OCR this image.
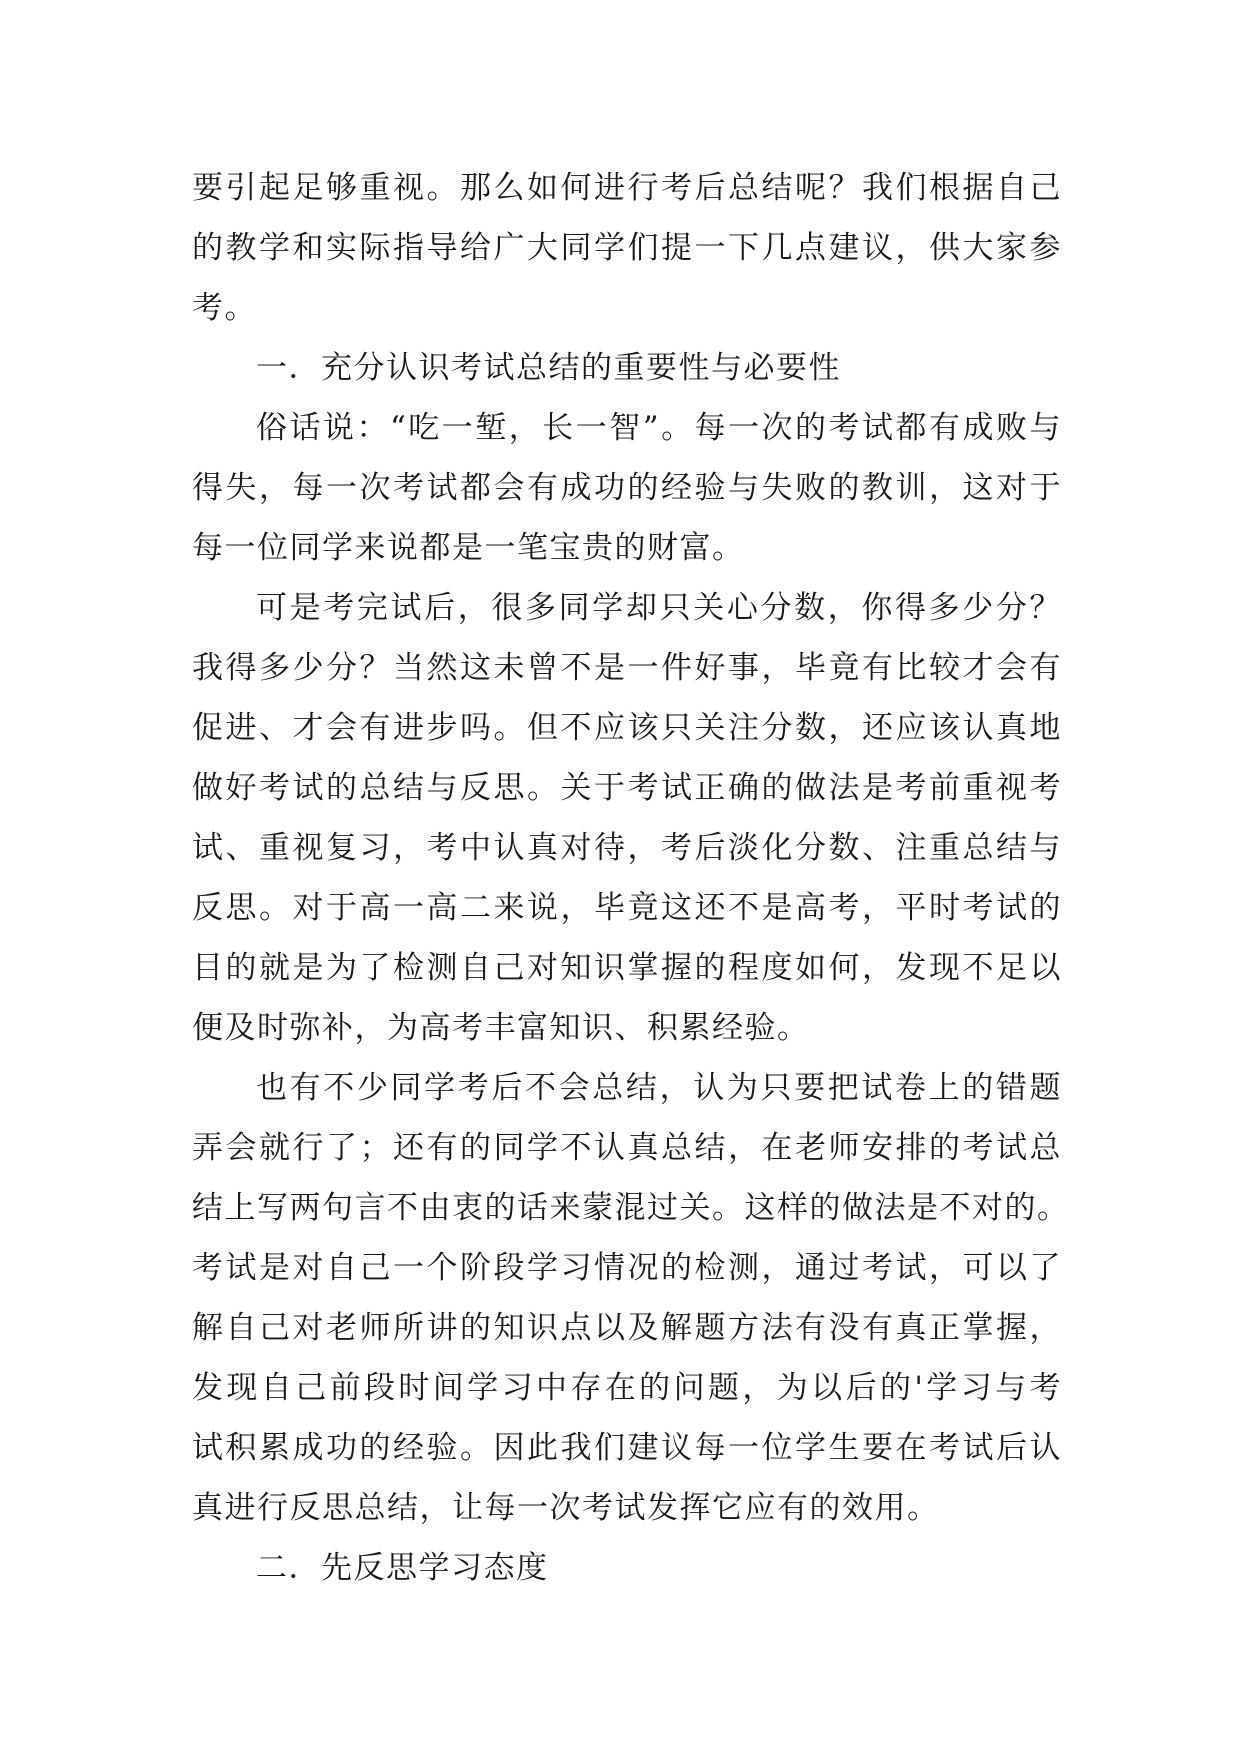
要引起足够重视。那么如何进行考后总结呢？我们根据自己
的教学和实际指导给广大同学们提一下几点建议，供大家参
考。
一．充分认识考试总结的重要性与必要性
俗话说：“吃一堑，长一智”。每一次的考试都有成败与
得失，每一次考试都会有成功的经验与失败的教训，这对于
每一位同学来说都是一笔宝贵的财富。
可是考完试后，很多同学却只关心分数，你得多少分？
我得多少分？当然这未曾不是一件好事，毕竟有比较才会有
促进、才会有进步吗。但不应该只关注分数，还应该认真地
做好考试的总结与反思。关于考试正确的做法是考前重视考
试、重视复习，考中认真对待，考后淡化分数、注重总结与
反思。对于高一高二来说，毕竟这还不是高考，平时考试的
目的就是为了检测自己对知识掌握的程度如何，发现不足以
便及时弥补，为高考丰富知识、积累经验。
也有不少同学考后不会总结，认为只要把试卷上的错题
弄会就行了；还有的同学不认真总结，在老师安排的考试总
结上写两句言不由衷的话来蒙混过关。这样的做法是不对的。
考试是对自己一个阶段学习情况的检测，通过考试，可以了
解自己对老师所讲的知识点以及解题方法有没有真正掌握，
发现自己前段时间学习中存在的问题，为以后的'学习与考
试积累成功的经验。因此我们建议每一位学生要在考试后认
真进行反思总结，让每一次考试发挥它应有的效用。
二．先反思学习态度
